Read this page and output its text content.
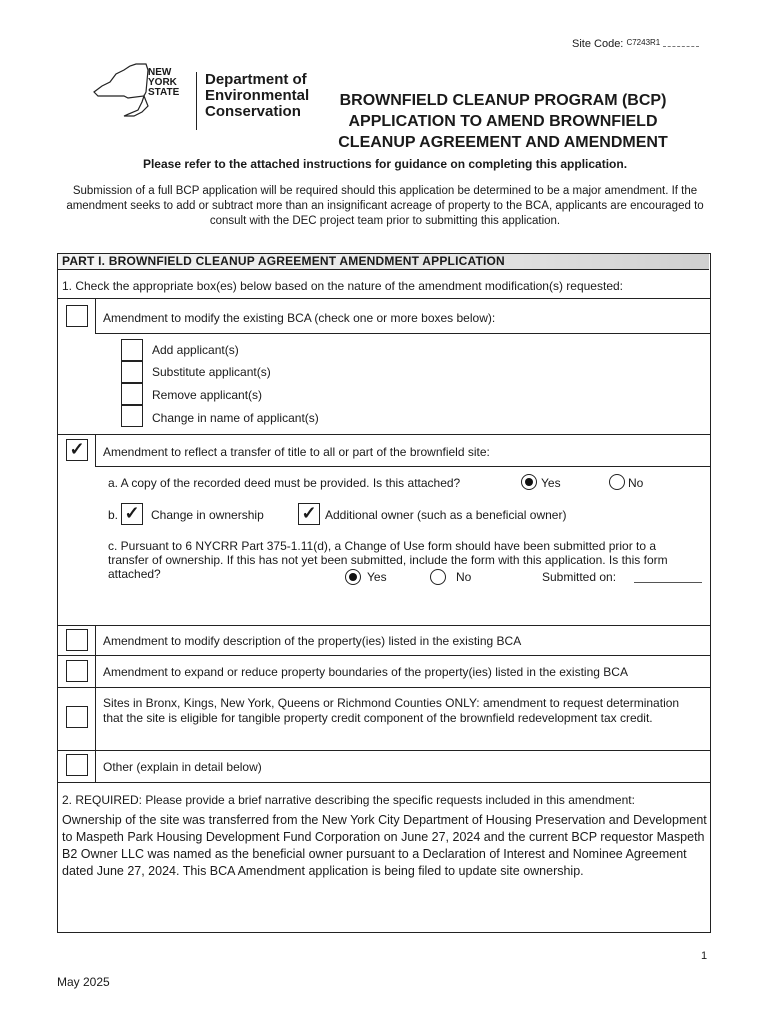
Site Code: C7243R1
NEW
YORK
STATE
Department of
Environmental
Conservation
BROWNFIELD CLEANUP PROGRAM (BCP)
APPLICATION TO AMEND BROWNFIELD
CLEANUP AGREEMENT AND AMENDMENT
Please refer to the attached instructions for guidance on completing this application.
Submission of a full BCP application will be required should this application be determined to be a major amendment. If the amendment seeks to add or subtract more than an insignificant acreage of property to the BCA, applicants are encouraged to consult with the DEC project team prior to submitting this application.
PART I. BROWNFIELD CLEANUP AGREEMENT AMENDMENT APPLICATION
1. Check the appropriate box(es) below based on the nature of the amendment modification(s) requested:
Amendment to modify the existing BCA (check one or more boxes below):
Add applicant(s)
Substitute applicant(s)
Remove applicant(s)
Change in name of applicant(s)
✓ Amendment to reflect a transfer of title to all or part of the brownfield site:
a. A copy of the recorded deed must be provided. Is this attached?	Yes	No
b. ✓ Change in ownership ✓ Additional owner (such as a beneficial owner)
c. Pursuant to 6 NYCRR Part 375-1.11(d), a Change of Use form should have been submitted prior to a transfer of ownership. If this has not yet been submitted, include the form with this application. Is this form attached?	Yes	No	Submitted on:
Amendment to modify description of the property(ies) listed in the existing BCA
Amendment to expand or reduce property boundaries of the property(ies) listed in the existing BCA
Sites in Bronx, Kings, New York, Queens or Richmond Counties ONLY: amendment to request determination that the site is eligible for tangible property credit component of the brownfield redevelopment tax credit.
Other (explain in detail below)
2. REQUIRED: Please provide a brief narrative describing the specific requests included in this amendment:
Ownership of the site was transferred from the New York City Department of Housing Preservation and Development to Maspeth Park Housing Development Fund Corporation on June 27, 2024 and the current BCP requestor Maspeth B2 Owner LLC was named as the beneficial owner pursuant to a Declaration of Interest and Nominee Agreement dated June 27, 2024. This BCA Amendment application is being filed to update site ownership.
1
May 2025
